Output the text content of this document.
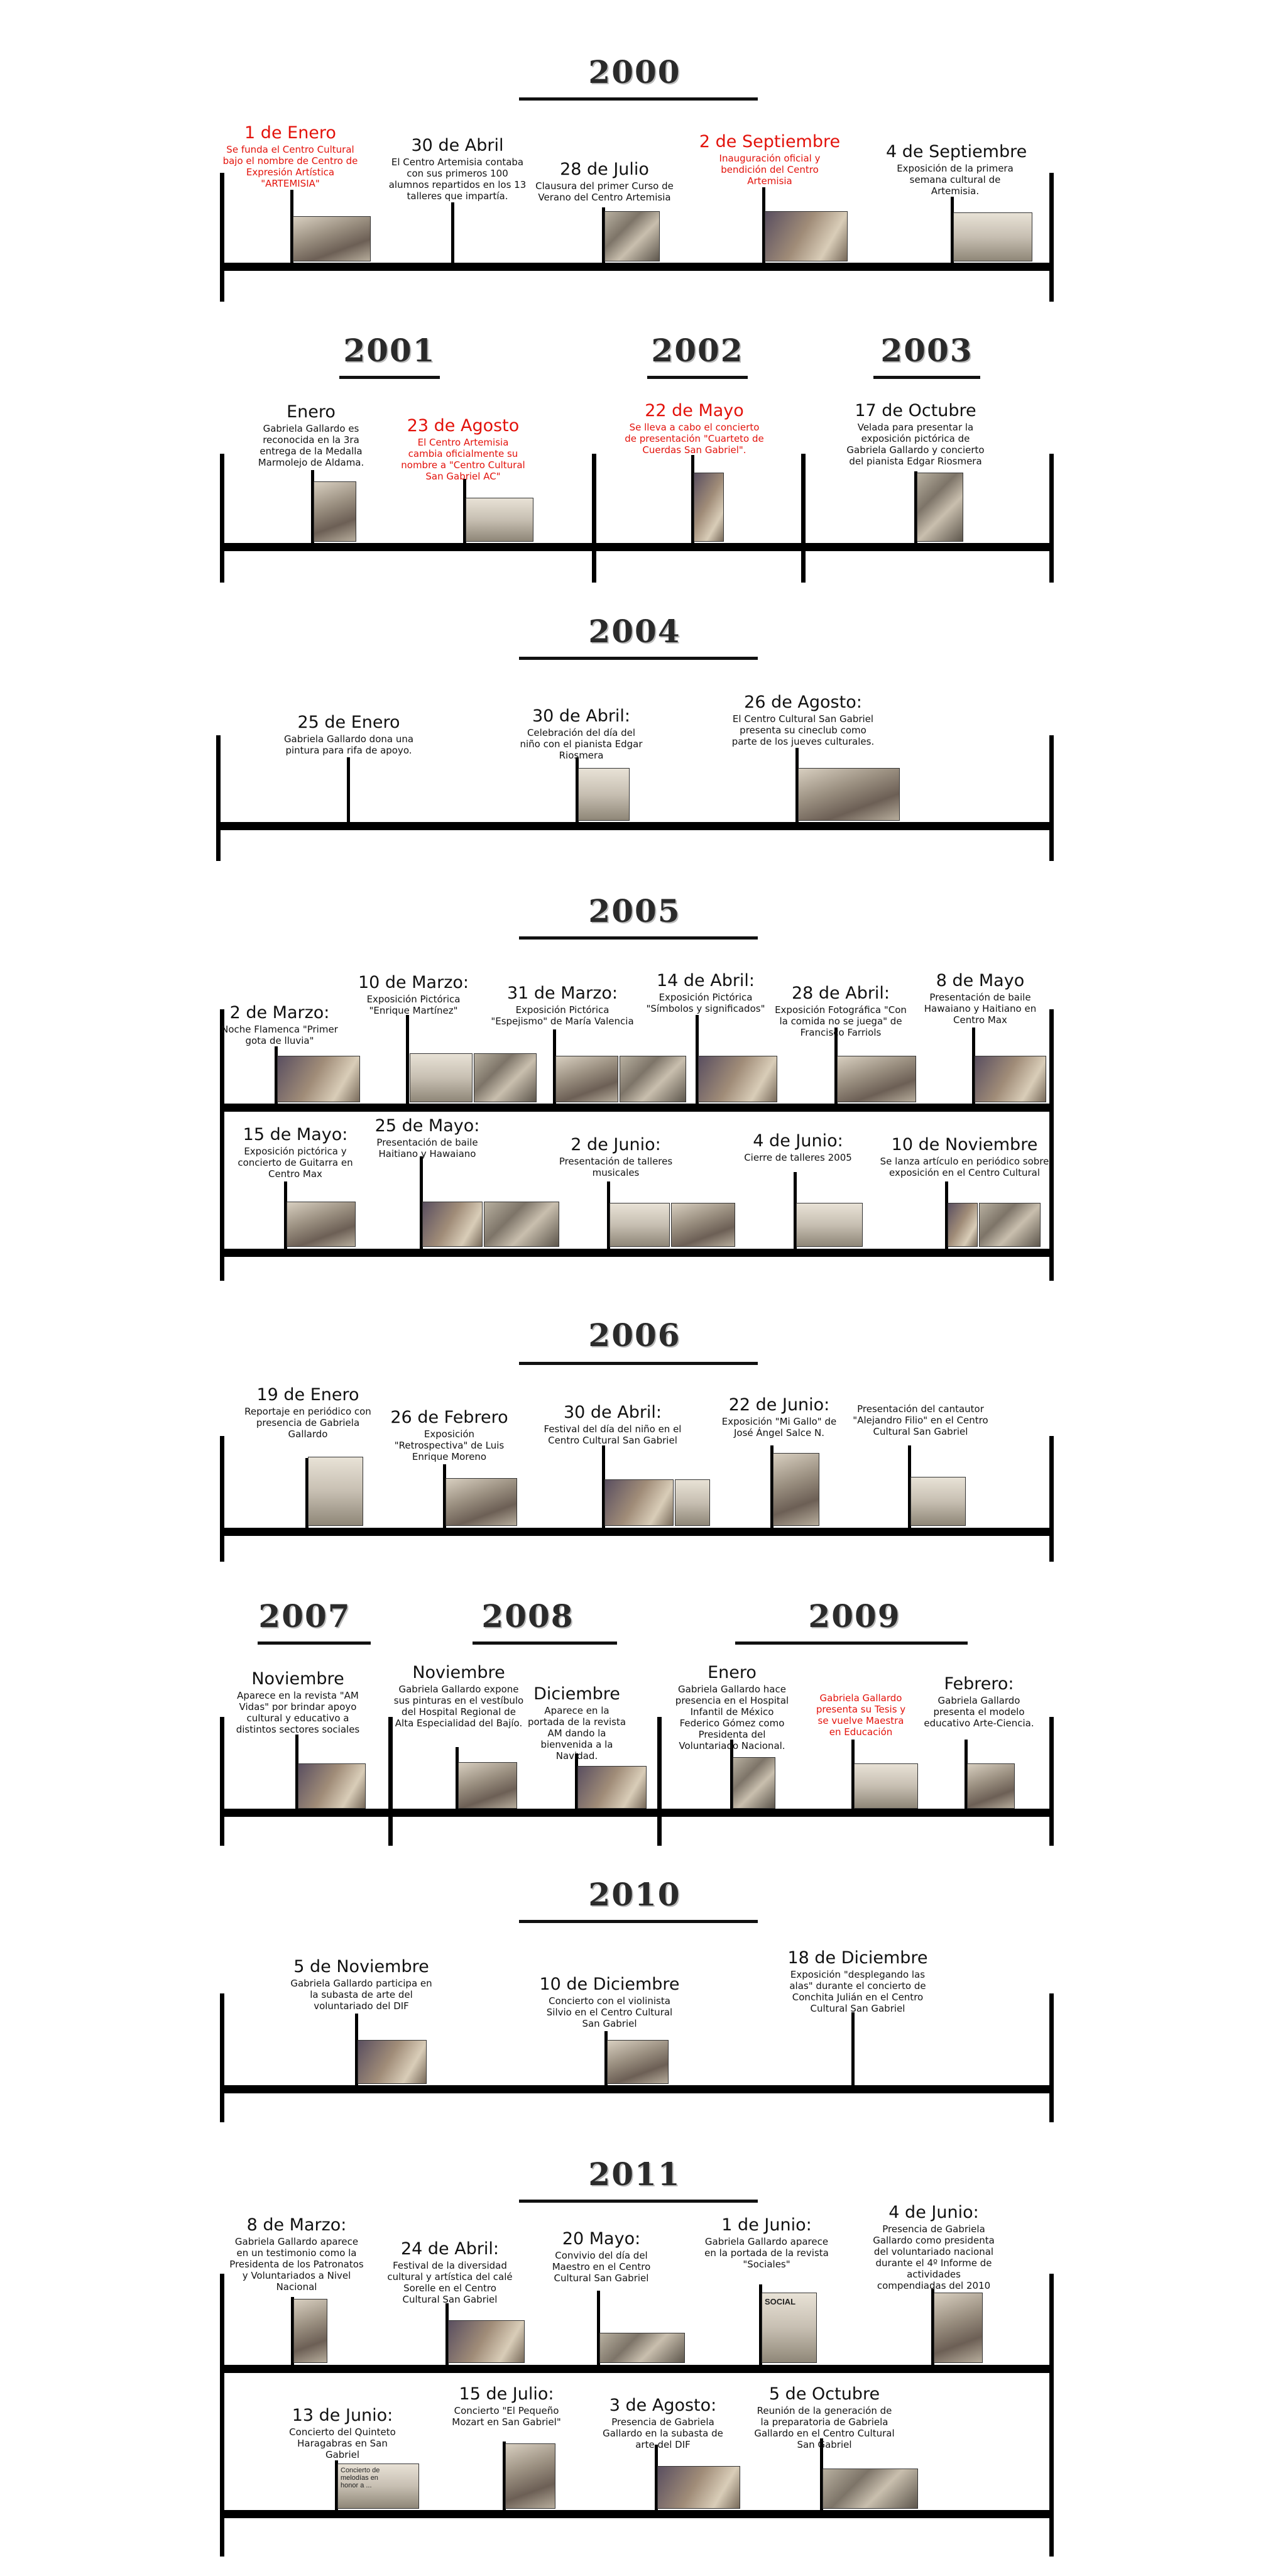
2000
1 de Enero
Se funda el Centro Cultural bajo el nombre de Centro de Expresión Artística "ARTEMISIA"
30 de Abril
El Centro Artemisia contaba con sus primeros 100 alumnos repartidos en los 13 talleres que impartía.
28 de Julio
Clausura del primer Curso de Verano del Centro Artemisia
2 de Septiembre
Inauguración oficial y bendición del Centro Artemisia
4 de Septiembre
Exposición de la primera semana cultural de Artemisia.
2001	2002	2003
Enero
Gabriela Gallardo es reconocida en la 3ra entrega de la Medalla Marmolejo de Aldama.
23 de Agosto
El Centro Artemisia cambia oficialmente su nombre a "Centro Cultural San Gabriel AC"
22 de Mayo
Se lleva a cabo el concierto de presentación "Cuarteto de Cuerdas San Gabriel".
17 de Octubre
Velada para presentar la exposición pictórica de Gabriela Gallardo y concierto del pianista Edgar Riosmera
2004
25 de Enero
Gabriela Gallardo dona una pintura para rifa de apoyo.
30 de Abril:
Celebración del día del niño con el pianista Edgar Riosmera
26 de Agosto:
El Centro Cultural San Gabriel presenta su cineclub como parte de los jueves culturales.
2005
2 de Marzo:
Noche Flamenca "Primer gota de lluvia"
10 de Marzo:
Exposición Pictórica "Enrique Martínez"
31 de Marzo:
Exposición Pictórica "Espejismo" de María Valencia
14 de Abril:
Exposición Pictórica "Símbolos y significados"
28 de Abril:
Exposición Fotográfica "Con la comida no se juega" de Francisco Farriols
8 de Mayo
Presentación de baile Hawaiano y Haitiano en Centro Max
15 de Mayo:
Exposición pictórica y concierto de Guitarra en Centro Max
25 de Mayo:
Presentación de baile Haitiano y Hawaiano	2 de Junio:
Presentación de talleres musicales
4 de Junio:
Cierre de talleres 2005
10 de Noviembre
Se lanza artículo en periódico sobre exposición en el Centro Cultural
2006
19 de Enero
Reportaje en periódico con presencia de Gabriela Gallardo
26 de Febrero
Exposición "Retrospectiva" de Luis Enrique Moreno
30 de Abril:
Festival del día del niño en el Centro Cultural San Gabriel
22 de Junio:
Exposición "Mi Gallo" de José Ángel Salce N.
Presentación del cantautor "Alejandro Filio" en el Centro Cultural San Gabriel
2007	2008	2009
Noviembre
Aparece en la revista "AM Vidas" por brindar apoyo cultural y educativo a distintos sectores sociales
Noviembre
Gabriela Gallardo expone sus pinturas en el vestíbulo del Hospital Regional de Alta Especialidad del Bajío.
Diciembre
Aparece en la portada de la revista AM dando la bienvenida a la Navidad.
Enero
Gabriela Gallardo hace presencia en el Hospital Infantil de México Federico Gómez como Presidenta del Voluntariado Nacional.
Gabriela Gallardo presenta su Tesis y se vuelve Maestra en Educación
Febrero:
Gabriela Gallardo presenta el modelo educativo Arte-Ciencia.
2010
5 de Noviembre
Gabriela Gallardo participa en la subasta de arte del voluntariado del DIF
10 de Diciembre
Concierto con el violinista Silvio en el Centro Cultural San Gabriel
18 de Diciembre
Exposición "desplegando las alas" durante el concierto de Conchita Julián en el Centro Cultural San Gabriel
2011
8 de Marzo:
Gabriela Gallardo aparece en un testimonio como la Presidenta de los Patronatos y Voluntariados a Nivel Nacional
24 de Abril:
Festival de la diversidad cultural y artística del calé Sorelle en el Centro Cultural San Gabriel
20 Mayo:
Convivio del día del Maestro en el Centro Cultural San Gabriel
1 de Junio:
Gabriela Gallardo aparece en la portada de la revista "Sociales"
4 de Junio:
Presencia de Gabriela Gallardo como presidenta del voluntariado nacional durante el 4º Informe de actividades compendiadas del 2010
SOCIAL
13 de Junio:
Concierto del Quinteto Haragabras en San Gabriel
15 de Julio:
Concierto "El Pequeño Mozart en San Gabriel"
3 de Agosto:
Presencia de Gabriela Gallardo en la subasta de arte del DIF
5 de Octubre
Reunión de la generación de la preparatoria de Gabriela Gallardo en el Centro Cultural San Gabriel
Concierto de melodías en honor a ...
